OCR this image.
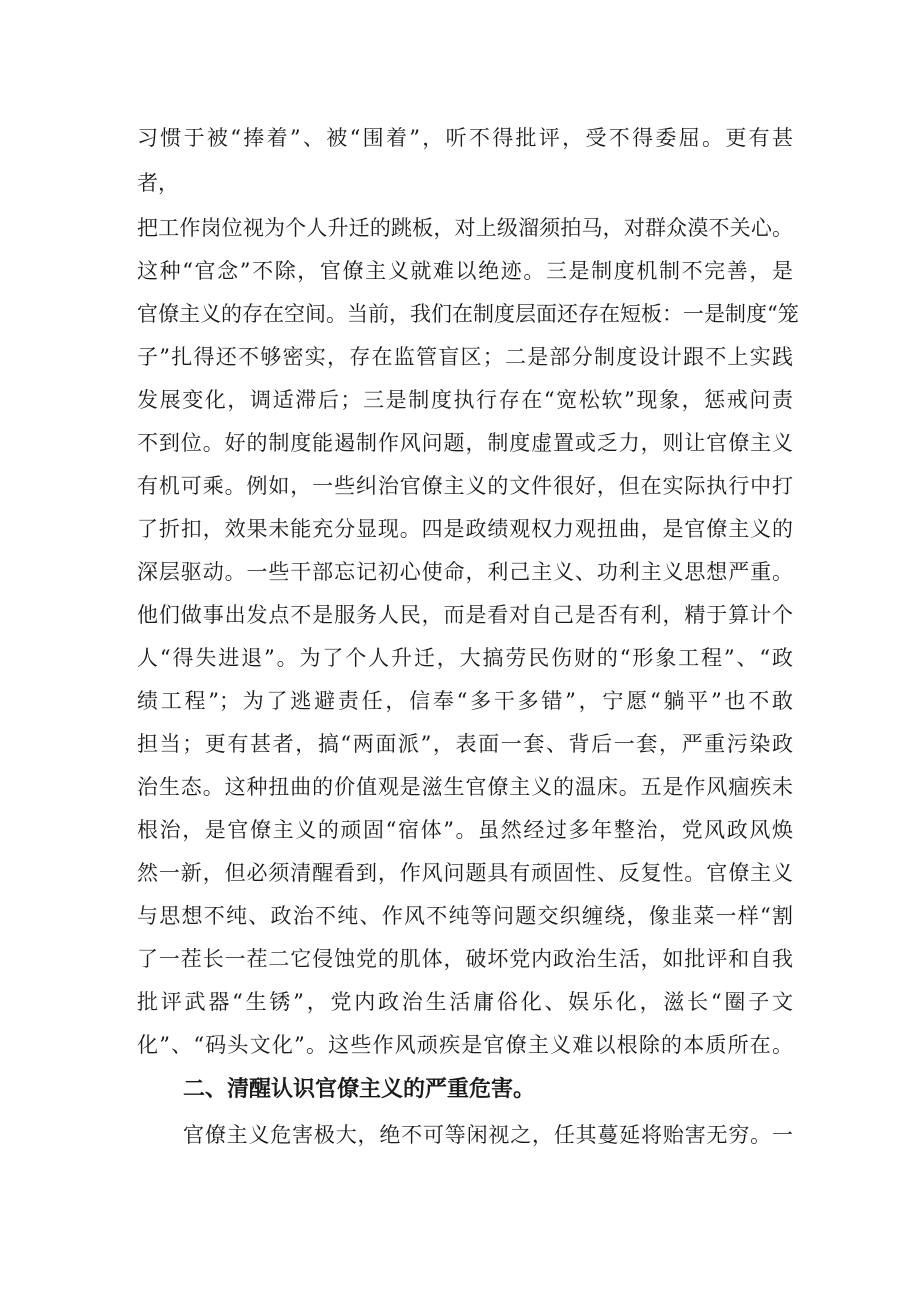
习惯于被“捧着”、被“围着”，听不得批评，受不得委屈。更有甚
者，
把工作岗位视为个人升迁的跳板，对上级溜须拍马，对群众漠不关心。
这种“官念”不除，官僚主义就难以绝迹。三是制度机制不完善，是
官僚主义的存在空间。当前，我们在制度层面还存在短板：一是制度“笼
子”扎得还不够密实，存在监管盲区；二是部分制度设计跟不上实践
发展变化，调适滞后；三是制度执行存在“宽松软”现象，惩戒问责
不到位。好的制度能遏制作风问题，制度虚置或乏力，则让官僚主义
有机可乘。例如，一些纠治官僚主义的文件很好，但在实际执行中打
了折扣，效果未能充分显现。四是政绩观权力观扭曲，是官僚主义的
深层驱动。一些干部忘记初心使命，利己主义、功利主义思想严重。
他们做事出发点不是服务人民，而是看对自己是否有利，精于算计个
人“得失进退”。为了个人升迁，大搞劳民伤财的“形象工程”、“政
绩工程”；为了逃避责任，信奉“多干多错”，宁愿“躺平”也不敢
担当；更有甚者，搞“两面派”，表面一套、背后一套，严重污染政
治生态。这种扭曲的价值观是滋生官僚主义的温床。五是作风痼疾未
根治，是官僚主义的顽固“宿体”。虽然经过多年整治，党风政风焕
然一新，但必须清醒看到，作风问题具有顽固性、反复性。官僚主义
与思想不纯、政治不纯、作风不纯等问题交织缠绕，像韭菜一样“割
了一茬长一茬二它侵蚀党的肌体，破坏党内政治生活，如批评和自我
批评武器“生锈”，党内政治生活庸俗化、娱乐化，滋长“圈子文
化”、“码头文化”。这些作风顽疾是官僚主义难以根除的本质所在。
二、清醒认识官僚主义的严重危害。
官僚主义危害极大，绝不可等闲视之，任其蔓延将贻害无穷。一
